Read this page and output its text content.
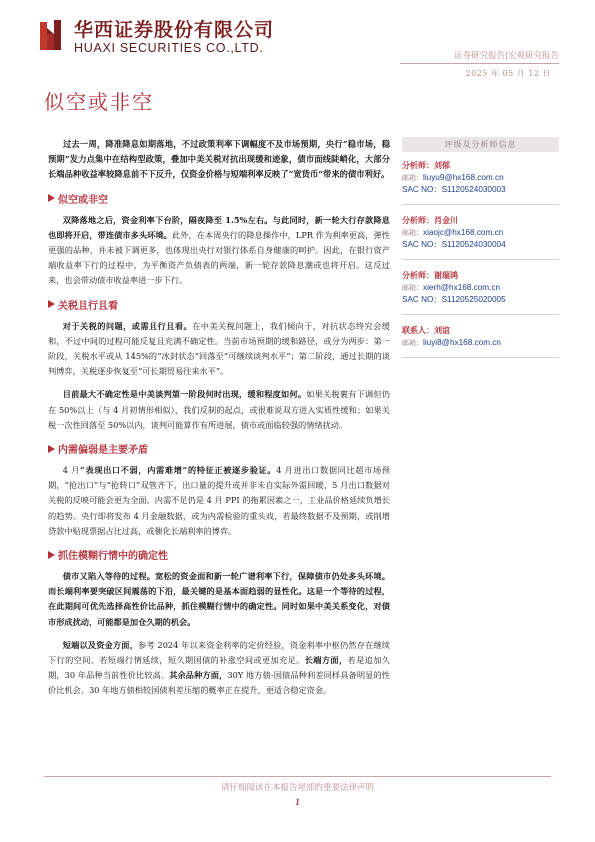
华西证券股份有限公司
HUAXI SECURITIES CO.,LTD.
证券研究报告|宏观研究报告
2025 年 05 月 12 日
似空或非空

过去一周，降准降息如期落地，不过政策利率下调幅度不及市场预期，央行“稳市场，稳预期”发力点集中在结构型政策，叠加中美关税对抗出现缓和迹象，债市面线陡峭化，大部分长端品种收益率较降息前不下反升，仅资金价格与短端利率反映了“宽货币”带来的债市利好。

似空或非空

双降落地之后，资金利率下台阶，隔夜降至 1.5%左右。与此同时，新一轮大行存款降息也即将开启，带连债市多头环境。此外，在本周央行的降息操作中，LPR 作为利率更高，弹性更强的品种，并未被下调更多，也体现出央行对银行体系自身健康的呵护。因此，在银行资产端收益率下行的过程中，为平衡资产负债表的两端，新一轮存款降息潮或也将开启。这反过来，也会带动债市收益率进一步下行。

关税且行且看

对于关税的问题，或需且行且看。在中美关税问题上，我们倾向于，对抗状态终究会缓和，不过中间的过程可能反复且充满不确定性。当前市场预期的缓和路径，或分为两步：第一阶段，关税水平或从 145%的“冰封状态”回落至“可继续谈判水平”；第二阶段，通过长期的谈判博弈，关税逐步恢复至“可长期贸易往来水平”。

目前最大不确定性是中美谈判第一阶段何时出现，缓和程度如何。如果关税裹有下调但仍在 50%以上（与 4 月初情形相似），我们反制的起点，或很难说双方进入实质性缓和；如果关税一次性回落至 50%以内，谈判可能算作有所进展，债市或面临较强的情绪扰动。

内需偏弱是主要矛盾

4 月“表现出口不弱，内需难增”的特征正被逐步验证。4 月进出口数据同比超市场预期，“抢出口”与“抢转口”双管齐下，出口量的提升或并非未自实际外需回暖，5 月出口数据对关税的反映可能会更为全面。内需不足仍是 4 月 PPI 的拖累因素之一，工业品价格延续负增长的趋势。央行即将发布 4 月金融数据，或为内需检验的重头戏，若最终数据不及预期，或削增贷款中贴现票据占比过高，或催化长端利率的博弈。

抓住模糊行情中的确定性

债市又陷入等待的过程。宽松的资金面和新一轮广谱利率下行，保障债市仍处多头环境。而长端利率要突破区间震荡的下沿，最关键的是基本面趋弱的显性化。这是一个等待的过程，在此期间可优先选择高性价比品种，抓住模糊行情中的确定性。同时如果中美关系变化，对债市形成扰动，可能都是加仓久期的机会。

短端以及资金方面，参考 2024 年以来资金利率的定价经验，资金利率中枢仍然存在继续下行的空间。若短端行情延续，短久期国债的补涨空间或更加充足。长端方面，若是追加久期，30 年品种当前性价比较高。其余品种方面，30Y 地方债-国债品种利差同样具备明显的性价比机会。30 年地方债相较国债利差压缩的概率正在提升，更适合稳定资金。

评级及分析师信息
分析师：刘郁
邮箱：liuyu9@hx168.com.cn
SAC NO：S1120524030003
分析师：肖金川
邮箱：xiaojc@hx168.com.cn
SAC NO：S1120524030004
分析师：谢瑞鸿
邮箱：xierh@hx168.com.cn
SAC NO：S1120525020005
联系人：刘谊
邮箱：liuyi8@hx168.com.cn
请仔细阅读在本报告尾部的重要法律声明
1
